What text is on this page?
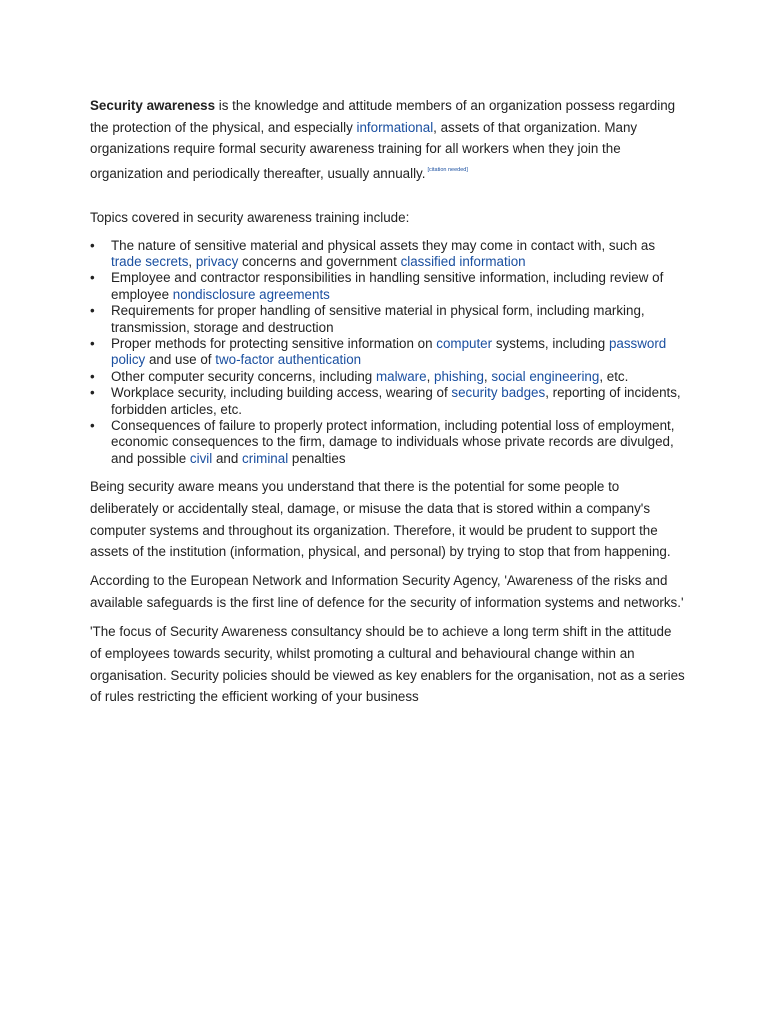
Security awareness is the knowledge and attitude members of an organization possess regarding the protection of the physical, and especially informational, assets of that organization. Many organizations require formal security awareness training for all workers when they join the organization and periodically thereafter, usually annually. [citation needed]

Topics covered in security awareness training include:

• The nature of sensitive material and physical assets they may come in contact with, such as trade secrets, privacy concerns and government classified information
• Employee and contractor responsibilities in handling sensitive information, including review of employee nondisclosure agreements
• Requirements for proper handling of sensitive material in physical form, including marking, transmission, storage and destruction
• Proper methods for protecting sensitive information on computer systems, including password policy and use of two-factor authentication
• Other computer security concerns, including malware, phishing, social engineering, etc.
• Workplace security, including building access, wearing of security badges, reporting of incidents, forbidden articles, etc.
• Consequences of failure to properly protect information, including potential loss of employment, economic consequences to the firm, damage to individuals whose private records are divulged, and possible civil and criminal penalties

Being security aware means you understand that there is the potential for some people to deliberately or accidentally steal, damage, or misuse the data that is stored within a company's computer systems and throughout its organization. Therefore, it would be prudent to support the assets of the institution (information, physical, and personal) by trying to stop that from happening.

According to the European Network and Information Security Agency, 'Awareness of the risks and available safeguards is the first line of defence for the security of information systems and networks.'

'The focus of Security Awareness consultancy should be to achieve a long term shift in the attitude of employees towards security, whilst promoting a cultural and behavioural change within an organisation. Security policies should be viewed as key enablers for the organisation, not as a series of rules restricting the efficient working of your business
